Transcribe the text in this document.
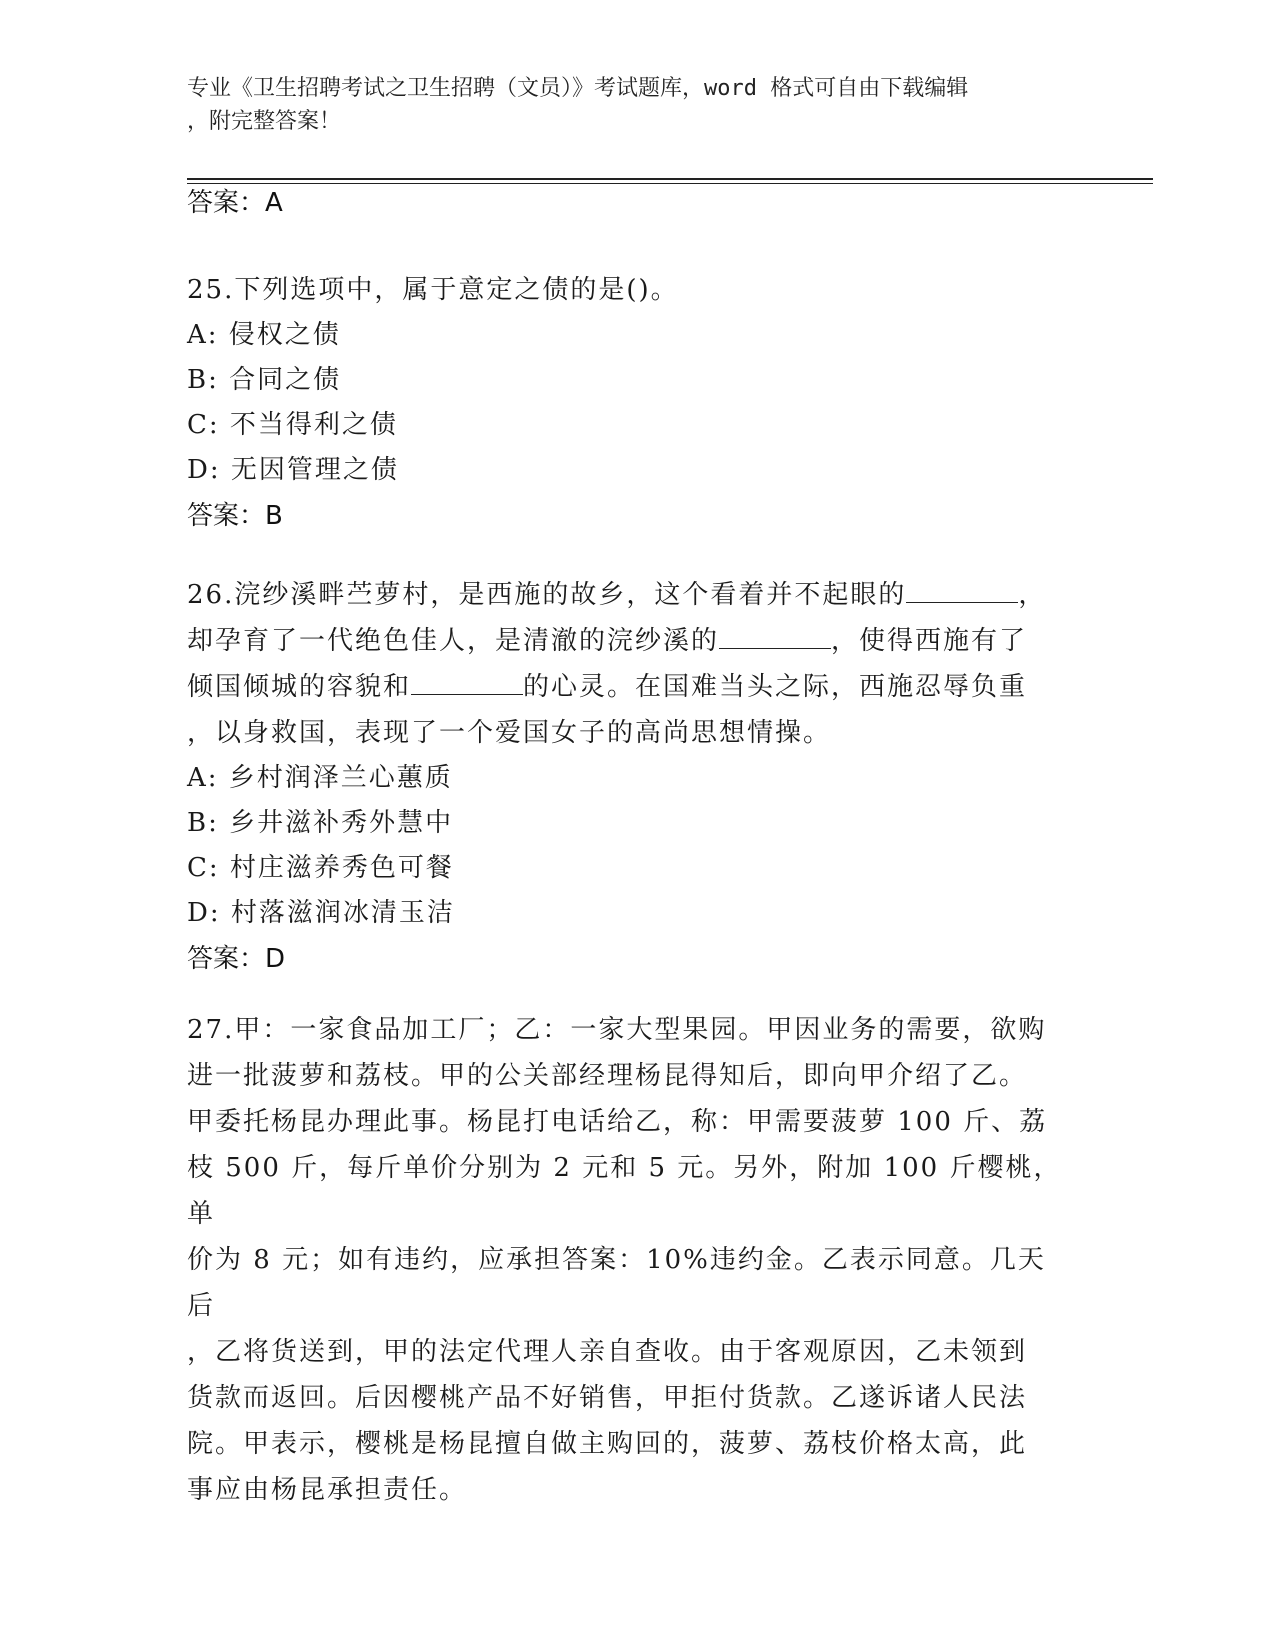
专业《卫生招聘考试之卫生招聘（文员）》考试题库，word 格式可自由下载编辑
，附完整答案！
答案：A
25.下列选项中，属于意定之债的是()。
A: 侵权之债
B: 合同之债
C: 不当得利之债
D: 无因管理之债
答案：B
26.浣纱溪畔苎萝村，是西施的故乡，这个看着并不起眼的	，
却孕育了一代绝色佳人，是清澈的浣纱溪的	，使得西施有了
倾国倾城的容貌和	的心灵。在国难当头之际，西施忍辱负重
，以身救国，表现了一个爱国女子的高尚思想情操。
A: 乡村润泽兰心蕙质
B: 乡井滋补秀外慧中
C: 村庄滋养秀色可餐
D: 村落滋润冰清玉洁
答案：D
27.甲：一家食品加工厂；乙：一家大型果园。甲因业务的需要，欲购
进一批菠萝和荔枝。甲的公关部经理杨昆得知后，即向甲介绍了乙。
甲委托杨昆办理此事。杨昆打电话给乙，称：甲需要菠萝 100 斤、荔
枝 500 斤，每斤单价分别为 2 元和 5 元。另外，附加 100 斤樱桃，单
价为 8 元；如有违约，应承担答案：10%违约金。乙表示同意。几天后
，乙将货送到，甲的法定代理人亲自查收。由于客观原因，乙未领到
货款而返回。后因樱桃产品不好销售，甲拒付货款。乙遂诉诸人民法
院。甲表示，樱桃是杨昆擅自做主购回的，菠萝、荔枝价格太高，此
事应由杨昆承担责任。
